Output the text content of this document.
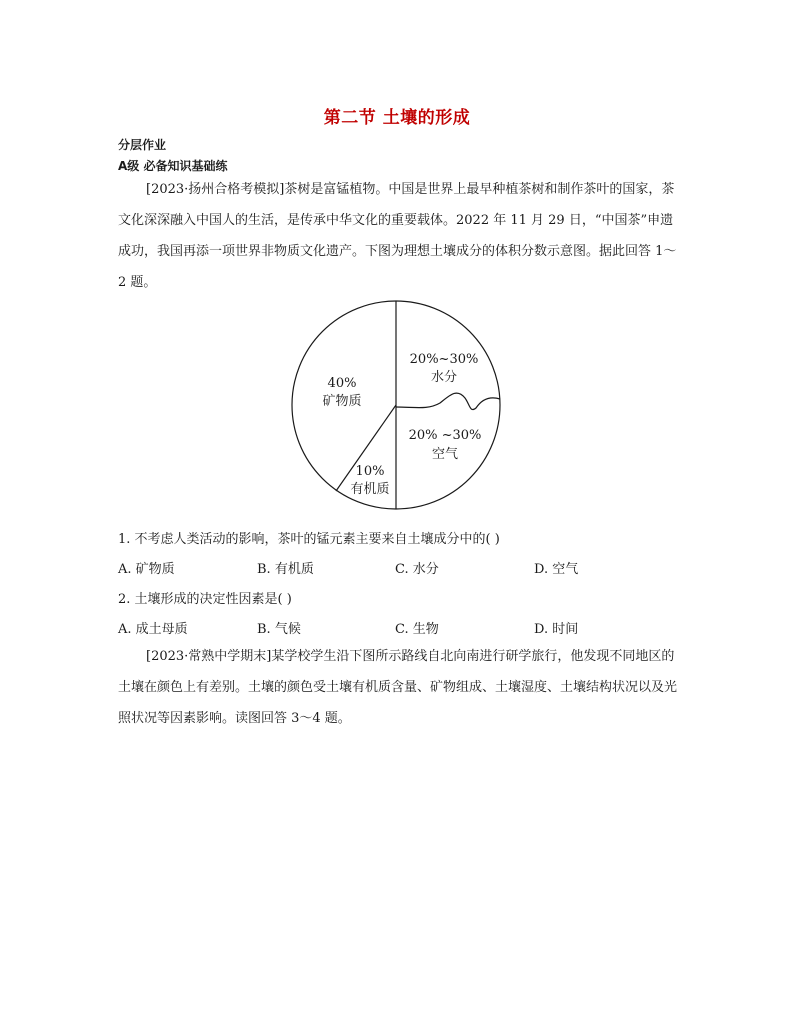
第二节 土壤的形成
分层作业
A级 必备知识基础练
[2023·扬州合格考模拟]茶树是富锰植物。中国是世界上最早种植茶树和制作茶叶的国家，茶文化深深融入中国人的生活，是传承中华文化的重要载体。2022 年 11 月 29 日，“中国茶”申遗成功，我国再添一项世界非物质文化遗产。下图为理想土壤成分的体积分数示意图。据此回答 1～2 题。
40%
矿物质
20%~30%
水分
20% ~30%
空气
10%
有机质
1. 不考虑人类活动的影响，茶叶的锰元素主要来自土壤成分中的( )
A. 矿物质	B. 有机质	C. 水分	D. 空气
2. 土壤形成的决定性因素是( )
A. 成土母质	B. 气候	C. 生物	D. 时间
[2023·常熟中学期末]某学校学生沿下图所示路线自北向南进行研学旅行，他发现不同地区的土壤在颜色上有差别。土壤的颜色受土壤有机质含量、矿物组成、土壤湿度、土壤结构状况以及光照状况等因素影响。读图回答 3～4 题。
